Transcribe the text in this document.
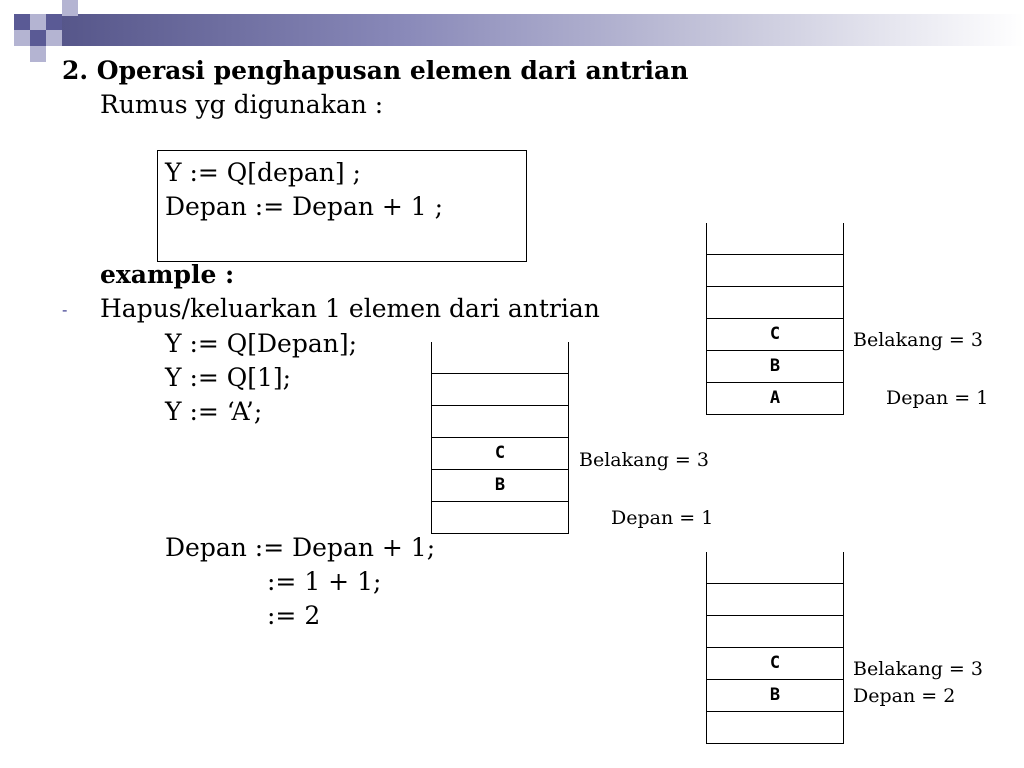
2. Operasi penghapusan elemen dari antrian
Rumus yg digunakan :
Y := Q[depan] ;
Depan := Depan + 1 ;
example :
- Hapus/keluarkan 1 elemen dari antrian
Y := Q[Depan];
Y := Q[1];
Y := ‘A’;
Depan := Depan + 1;
:= 1 + 1;
:= 2
C
B
A
Belakang = 3
Depan = 1
C
B
Belakang = 3
Depan = 1
C
B
Belakang = 3
Depan = 2
